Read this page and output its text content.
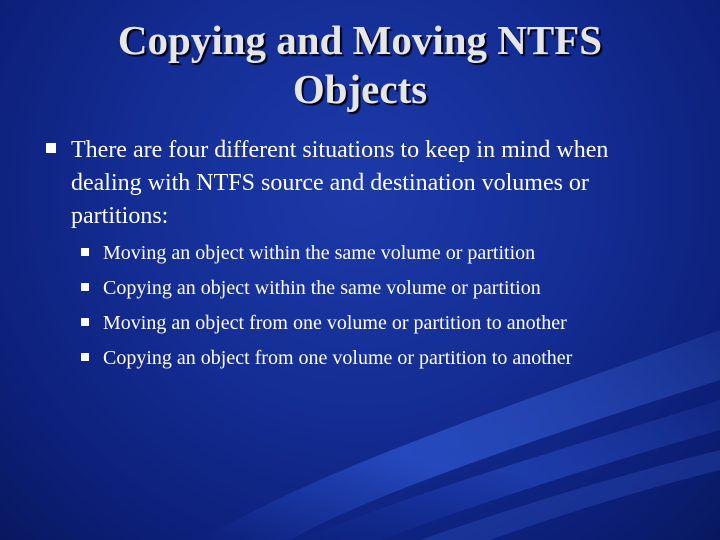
Copying and Moving NTFS
Objects
There are four different situations to keep in mind when dealing with NTFS source and destination volumes or partitions:
Moving an object within the same volume or partition
Copying an object within the same volume or partition
Moving an object from one volume or partition to another
Copying an object from one volume or partition to another
